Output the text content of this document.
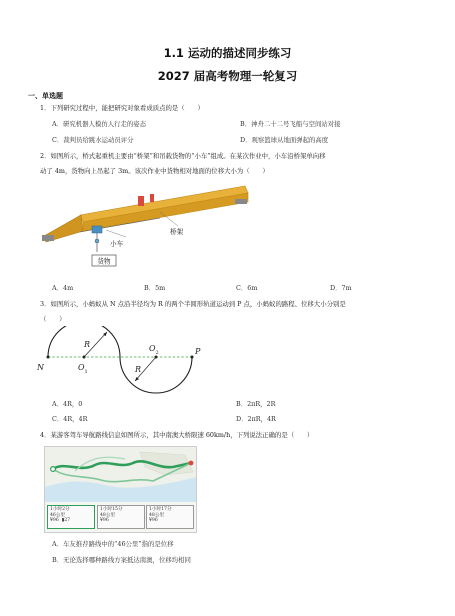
1.1 运动的描述同步练习
2027 届高考物理一轮复习
一、单选题
1．下列研究过程中，能把研究对象看成质点的是（　　）
A．研究机器人模仿人行走的姿态	B．神舟二十二号飞船与空间站对接
C．裁判员给跳水运动员评分	D．观察篮球从地面弹起的高度
2．如图所示，桥式起重机主要由“桥架”和吊载货物的“小车”组成。在某次作业中，小车沿桥架单向移
动了 4m，货物向上吊起了 3m。该次作业中货物相对地面的位移大小为（　　）
货物
小车
桥架
A．4m	B．5m	C．6m	D．7m
3．如图所示，小蚂蚁从 N 点沿半径均为 R 的两个半圆形轨道运动到 P 点，小蚂蚁的路程、位移大小分别是
（　　）
N	O 1
O 2	P
R
R
A．4R，0	B．2πR，2R
C．4R，4R	D．2πR，4R
4．某游客驾车导航路线信息如图所示，其中南澳大桥限速 60km/h，下列说法正确的是（　　）
1小时2分
46公里
¥96 ▮27
1小时15分
48公里
¥96
1小时17分
48公里
¥96
A．车友推荐路线中的“46公里”指的是位移
B．无论选择哪种路线方案抵达南澳，位移均相同
